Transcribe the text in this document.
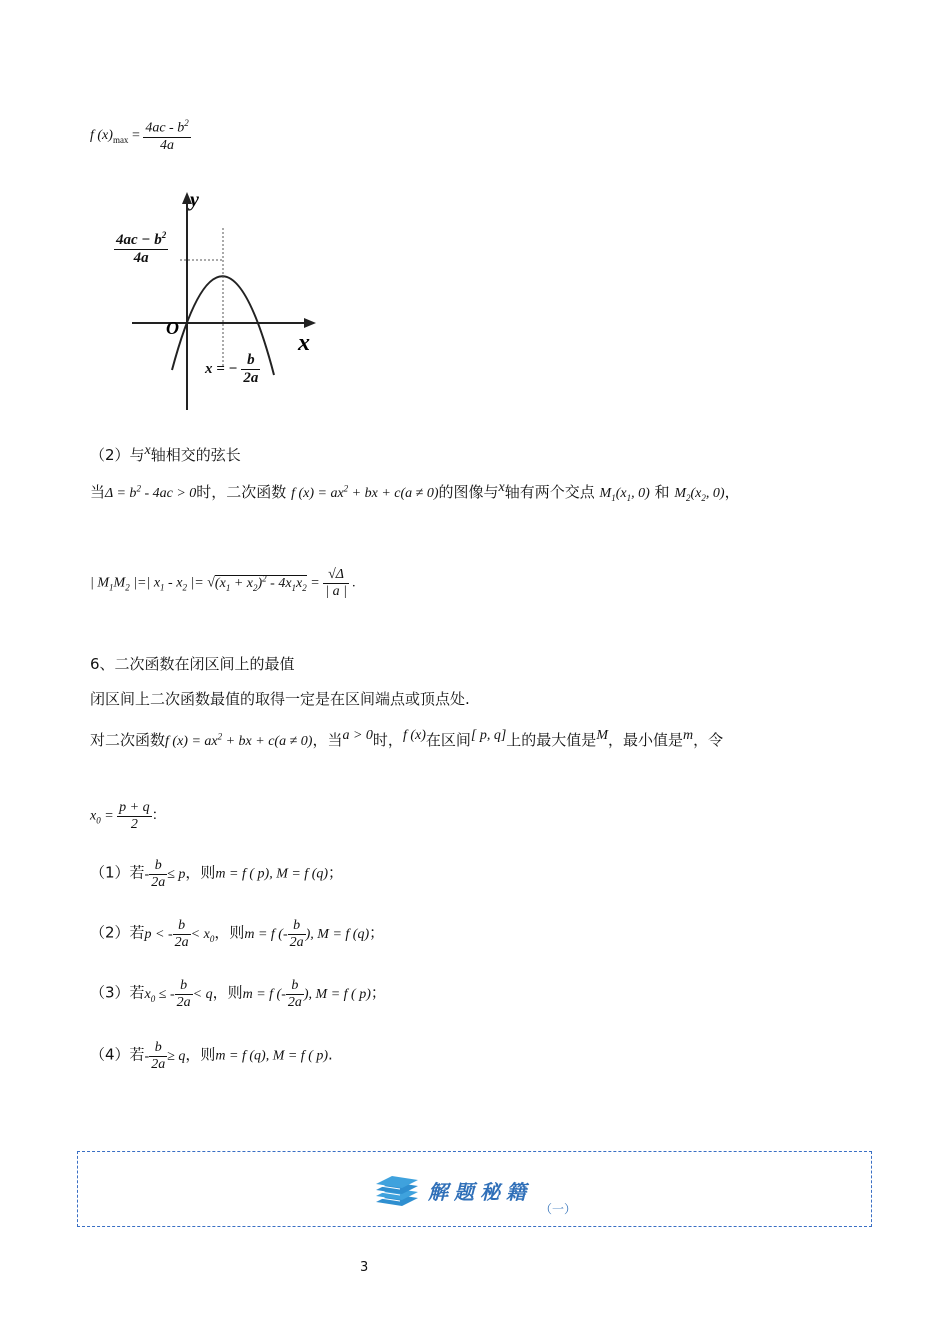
f $(x)_{max} = \frac{4ac - b^2}{4a}$
y
x
O
$\frac{4ac - b^2}{4a}$
x = − $\frac{b}{2a}$
（2）与$^x$轴相交的弦长
当$\Delta = b^2 - 4ac > 0$时，二次函数 f $(x) = ax^2$ + bx + c(a ≠ 0)的图像与$^x$轴有两个交点 $M_1(x_1$, 0) 和 $M_2(x_2$, 0)，
| $M_1M_2$ |=| $x_1 - x_2$ |= $√(x_1 + x_2)^2 - 4x_1x_2 = \frac{√\Delta}{| a |}$ .
6、二次函数在闭区间上的最值
闭区间上二次函数最值的取得一定是在区间端点或顶点处.
对二次函数f $(x) = ax^2$ + bx + c(a ≠ 0)，当$^{a > 0}$时，$^{f (x)}$在区间[ p, q]上的最大值是$^M$，最小值是$^m$，令
$x_0 = \frac{p + q}{2}$ ：
（1）若- $\frac{b}{2a} \le p$，则m = f ( p), M = f (q)；
（2）若p < - $\frac{b}{2a} < x_0$，则m = f (- $\frac{b}{2a}$ ), M = f (q)；
（3）若$x_0$ ≤ - $\frac{b}{2a} < q$，则m = f (- $\frac{b}{2a}$ ), M = f ( p)；
（4）若- $\frac{b}{2a} \ge q$，则m = f (q), M = f ( p).
解题秘籍
（一）
3
